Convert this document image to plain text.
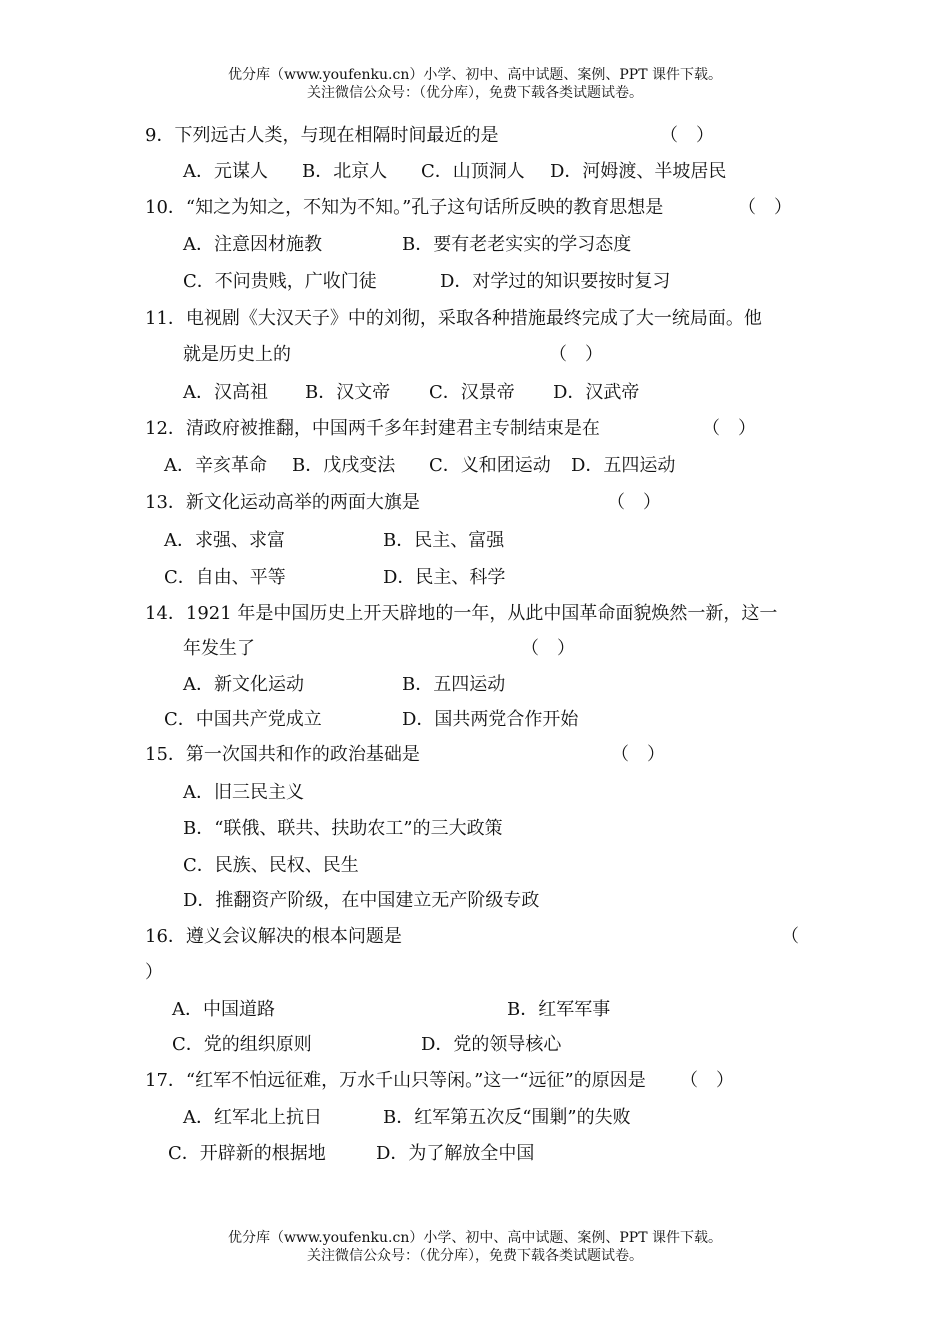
优分库（www.youfenku.cn）小学、初中、高中试题、案例、PPT 课件下载。
关注微信公众号：（优分库），免费下载各类试题试卷。
9．下列远古人类，与现在相隔时间最近的是	（　）
A．元谋人 B．北京人 C．山顶洞人 D．河姆渡、半坡居民
10．“知之为知之，不知为不知。”孔子这句话所反映的教育思想是	（　）
A．注意因材施教	B．要有老老实实的学习态度
C．不问贵贱，广收门徒	D．对学过的知识要按时复习
11．电视剧《大汉天子》中的刘彻，采取各种措施最终完成了大一统局面。他
就是历史上的	（　）
A．汉高祖 B．汉文帝 C．汉景帝 D．汉武帝
12．清政府被推翻，中国两千多年封建君主专制结束是在	（　）
A．辛亥革命 B．戊戌变法 C．义和团运动 D．五四运动
13．新文化运动高举的两面大旗是	（　）
A．求强、求富	B．民主、富强
C．自由、平等	D．民主、科学
14．1921 年是中国历史上开天辟地的一年，从此中国革命面貌焕然一新，这一
年发生了	（　）
A．新文化运动	B．五四运动
C．中国共产党成立	D．国共两党合作开始
15．第一次国共和作的政治基础是	（　）
A．旧三民主义
B．“联俄、联共、扶助农工”的三大政策
C．民族、民权、民生
D．推翻资产阶级，在中国建立无产阶级专政
16．遵义会议解决的根本问题是	（
）
A．中国道路	B．红军军事
C．党的组织原则	D．党的领导核心
17．“红军不怕远征难，万水千山只等闲。”这一“远征”的原因是 （　）
A．红军北上抗日	B．红军第五次反“围剿”的失败
C．开辟新的根据地	D．为了解放全中国
优分库（www.youfenku.cn）小学、初中、高中试题、案例、PPT 课件下载。
关注微信公众号：（优分库），免费下载各类试题试卷。
